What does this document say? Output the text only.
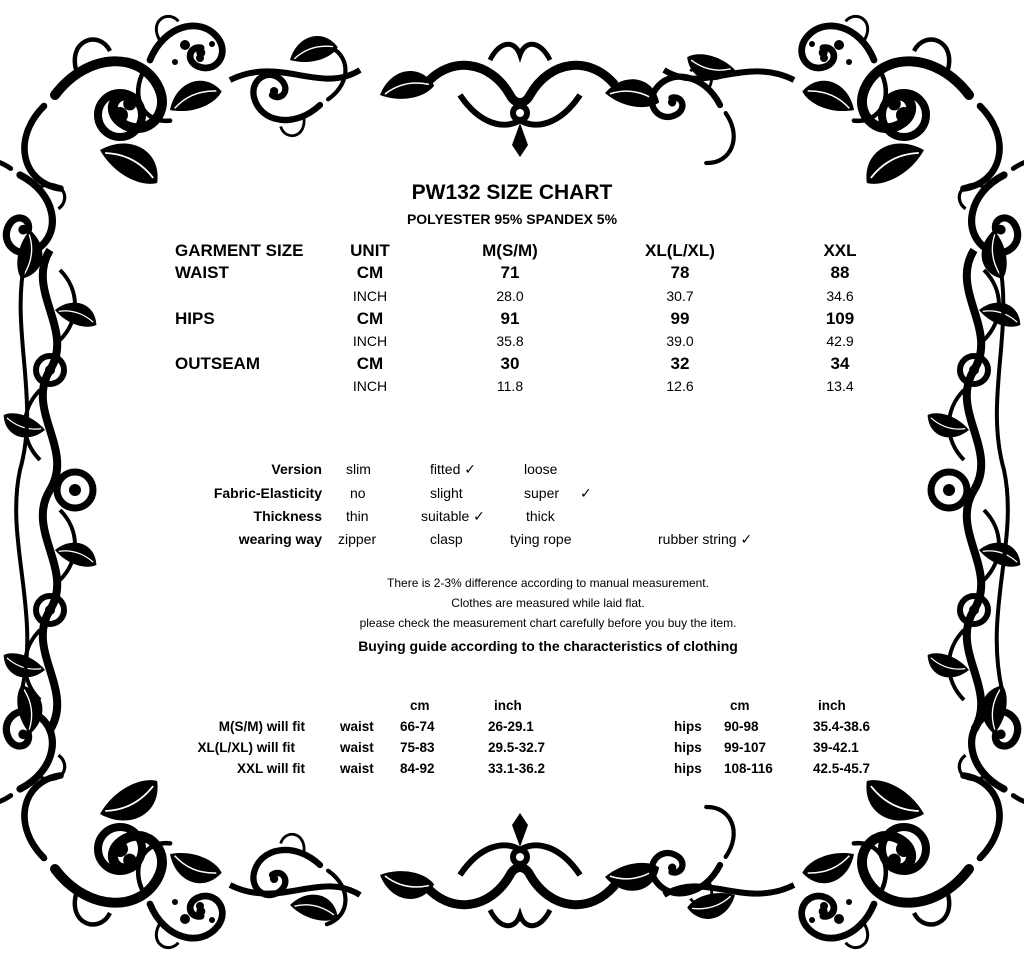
PW132 SIZE CHART
POLYESTER 95% SPANDEX 5%
GARMENT SIZE	UNIT	M(S/M)	XL(L/XL)	XXL
WAIST	CM	71	78	88
INCH	28.0	30.7	34.6
HIPS	CM	91	99	109
INCH	35.8	39.0	42.9
OUTSEAM	CM	30	32	34
INCH	11.8	12.6	13.4
Version slim	fitted ✓	loose
Fabric-Elasticity no	slight	super ✓
Thickness thin	suitable ✓	thick
wearing way zipper	clasp	tying rope	rubber string ✓
There is 2-3% difference according to manual measurement.
Clothes are measured while laid flat.
please check the measurement chart carefully before you buy the item.
Buying guide according to the characteristics of clothing
cm	inch	cm	inch
M(S/M) will fit	waist 66-74	26-29.1	hips 90-98	35.4-38.6
XL(L/XL) will fit	waist 75-83	29.5-32.7	hips 99-107	39-42.1
XXL will fit	waist 84-92	33.1-36.2	hips 108-116	42.5-45.7
